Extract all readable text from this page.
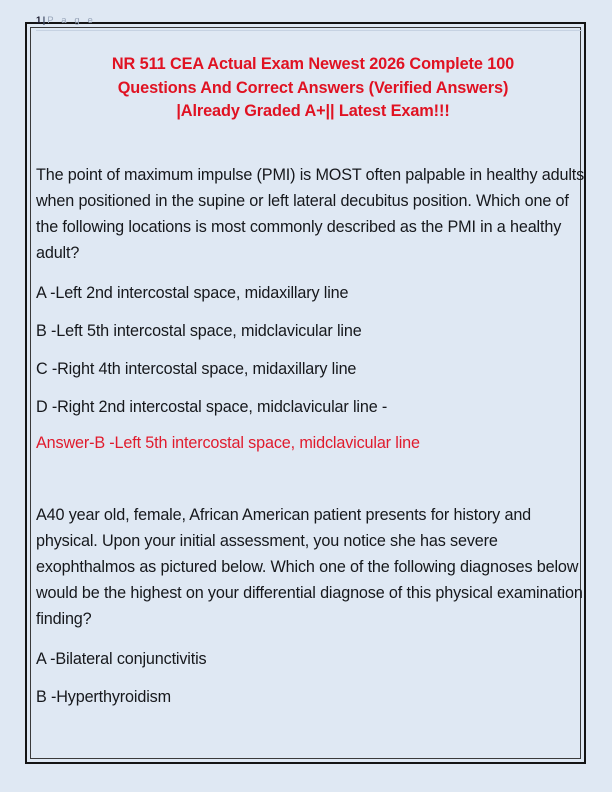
1| P a g e
NR 511 CEA Actual Exam Newest 2026 Complete 100
Questions And Correct Answers (Verified Answers)
|Already Graded A+|| Latest Exam!!!

The point of maximum impulse (PMI) is MOST often palpable in healthy adults when positioned in the supine or left lateral decubitus position. Which one of the following locations is most commonly described as the PMI in a healthy adult?

A -Left 2nd intercostal space, midaxillary line

B -Left 5th intercostal space, midclavicular line

C -Right 4th intercostal space, midaxillary line

D -Right 2nd intercostal space, midclavicular line -

Answer-B -Left 5th intercostal space, midclavicular line

A40 year old, female, African American patient presents for history and physical. Upon your initial assessment, you notice she has severe exophthalmos as pictured below. Which one of the following diagnoses below would be the highest on your differential diagnose of this physical examination finding?

A -Bilateral conjunctivitis

B -Hyperthyroidism
